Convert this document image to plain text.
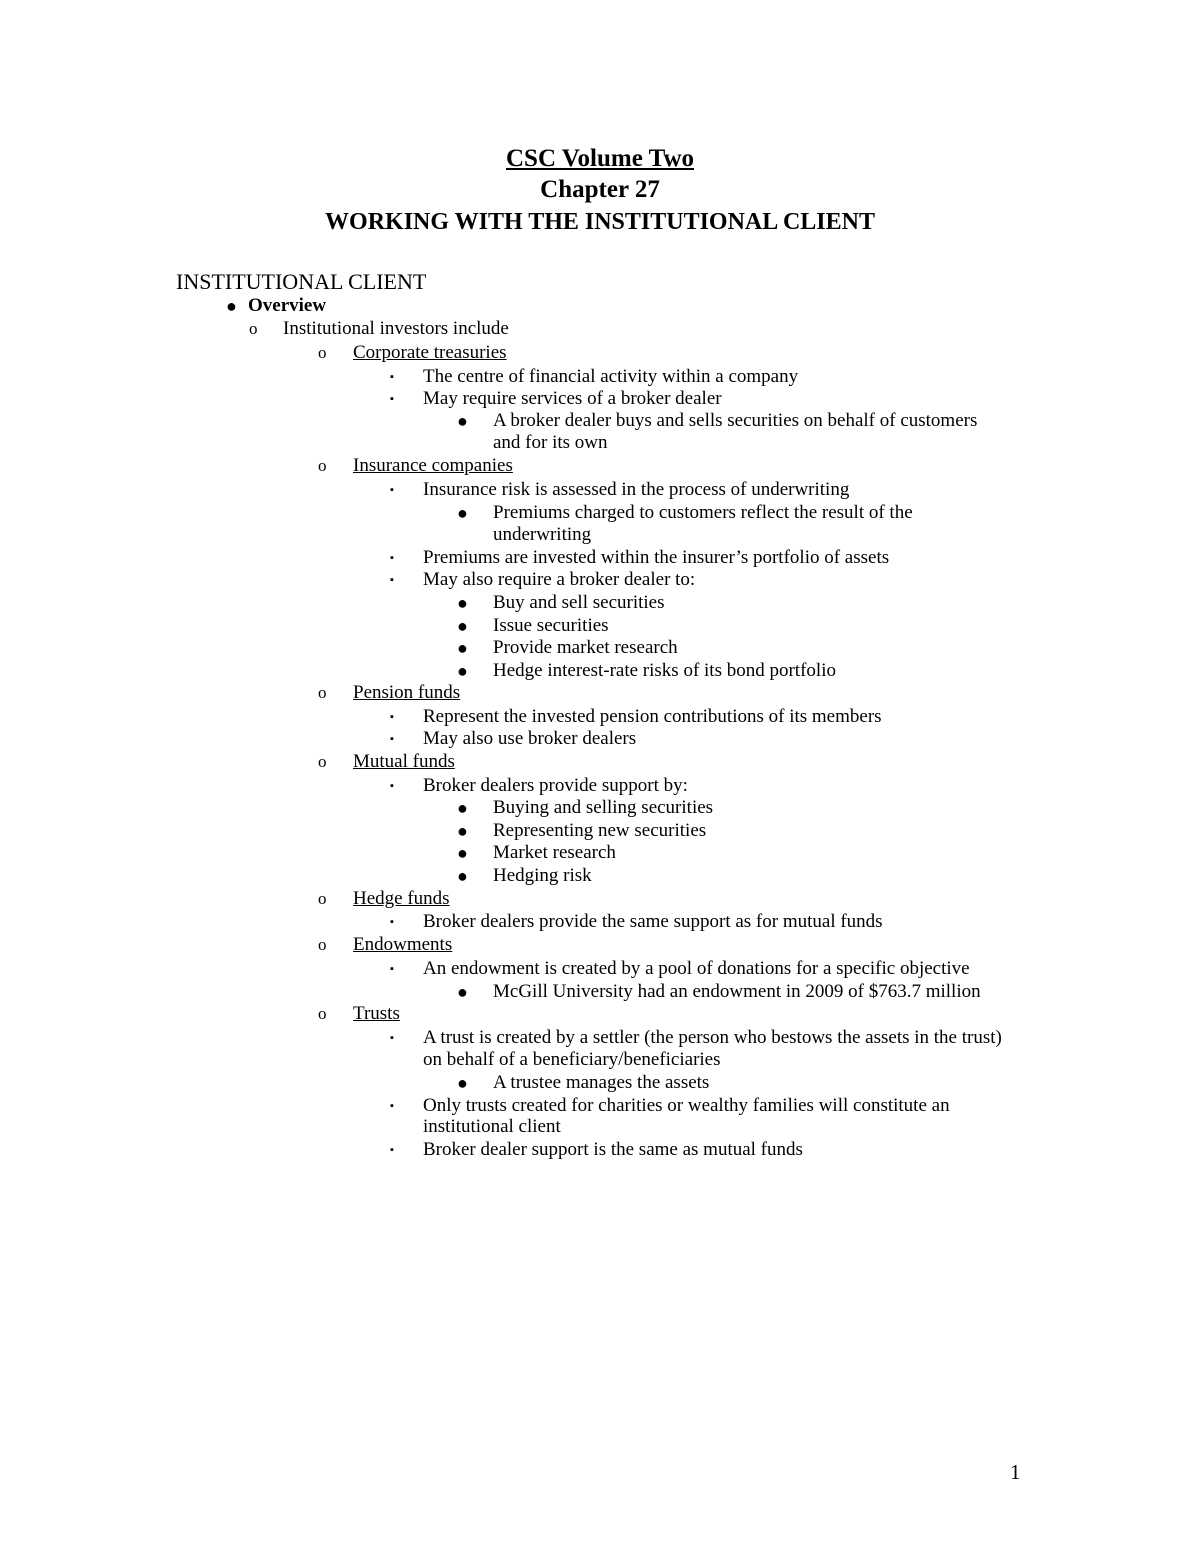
CSC Volume Two
Chapter 27
WORKING WITH THE INSTITUTIONAL CLIENT
INSTITUTIONAL CLIENT
● Overview
o Institutional investors include
o Corporate treasuries
▪ The centre of financial activity within a company
▪ May require services of a broker dealer
● A broker dealer buys and sells securities on behalf of customers
and for its own
o Insurance companies
▪ Insurance risk is assessed in the process of underwriting
● Premiums charged to customers reflect the result of the
underwriting
▪ Premiums are invested within the insurer’s portfolio of assets
▪ May also require a broker dealer to:
● Buy and sell securities
● Issue securities
● Provide market research
● Hedge interest-rate risks of its bond portfolio
o Pension funds
▪ Represent the invested pension contributions of its members
▪ May also use broker dealers
o Mutual funds
▪ Broker dealers provide support by:
● Buying and selling securities
● Representing new securities
● Market research
● Hedging risk
o Hedge funds
▪ Broker dealers provide the same support as for mutual funds
o Endowments
▪ An endowment is created by a pool of donations for a specific objective
● McGill University had an endowment in 2009 of $763.7 million
o Trusts
▪ A trust is created by a settler (the person who bestows the assets in the trust)
on behalf of a beneficiary/beneficiaries
● A trustee manages the assets
▪ Only trusts created for charities or wealthy families will constitute an
institutional client
▪ Broker dealer support is the same as mutual funds
1
